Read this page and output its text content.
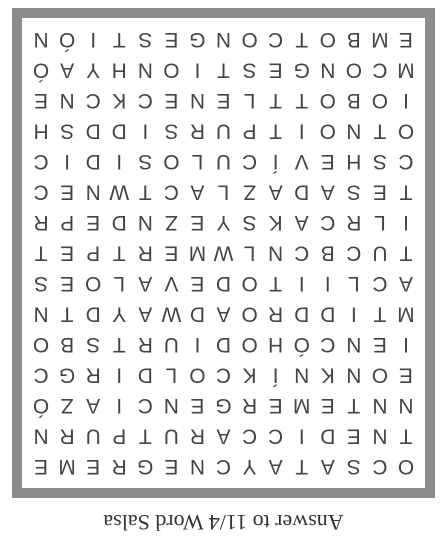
Answer to 11/4 Word Salsa
O
C
S
A
T
A
Y
C
N
E
G
R
E
M
E
T
N
E
D
I
C
C
A
R
U
T
P
U
R
N
N
N
T
E
M
E
R
G
E
N
C
I
A
Z
Ó
E
O
N
K
N
Í
K
C
O
L
D
I
R
G
C
I
E
N
C
Ó
H
O
D
I
U
R
T
S
B
O
M
T
I
D
D
R
O
A
D
W
A
Y
D
T
N
A
C
L
I
I
T
O
D
E
V
A
L
O
E
S
T
U
C
B
C
N
L
W
M
E
R
T
P
E
T
I
L
R
C
A
K
S
Y
E
Z
N
D
E
P
R
T
E
S
A
D
A
Z
L
A
C
T
W
N
E
C
C
S
H
E
V
Í
C
U
L
O
S
I
D
I
C
O
T
N
O
I
T
P
U
R
S
I
D
D
S
H
I
O
B
O
T
T
L
E
N
E
C
K
C
N
E
M
C
O
N
G
E
S
T
I
O
N
H
Y
A
Ó
E
M
B
O
T
C
O
N
G
E
S
T
I
Ó
N
